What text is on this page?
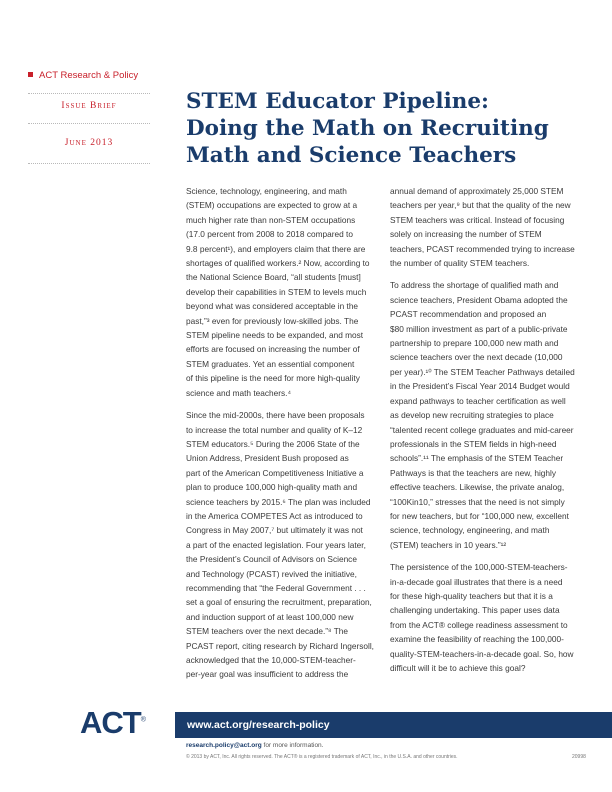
ACT Research & Policy
Issue Brief
June 2013
STEM Educator Pipeline:
Doing the Math on Recruiting
Math and Science Teachers

Science, technology, engineering, and math
(STEM) occupations are expected to grow at a
much higher rate than non-STEM occupations
(17.0 percent from 2008 to 2018 compared to
9.8 percent¹), and employers claim that there are
shortages of qualified workers.² Now, according to
the National Science Board, “all students [must]
develop their capabilities in STEM to levels much
beyond what was considered acceptable in the
past,”³ even for previously low-skilled jobs. The
STEM pipeline needs to be expanded, and most
efforts are focused on increasing the number of
STEM graduates. Yet an essential component
of this pipeline is the need for more high-quality
science and math teachers.⁴

Since the mid-2000s, there have been proposals
to increase the total number and quality of K–12
STEM educators.⁵ During the 2006 State of the
Union Address, President Bush proposed as
part of the American Competitiveness Initiative a
plan to produce 100,000 high-quality math and
science teachers by 2015.⁶ The plan was included
in the America COMPETES Act as introduced to
Congress in May 2007,⁷ but ultimately it was not
a part of the enacted legislation. Four years later,
the President’s Council of Advisors on Science
and Technology (PCAST) revived the initiative,
recommending that “the Federal Government . . .
set a goal of ensuring the recruitment, preparation,
and induction support of at least 100,000 new
STEM teachers over the next decade.”⁸ The
PCAST report, citing research by Richard Ingersoll,
acknowledged that the 10,000-STEM-teacher-
per-year goal was insufficient to address the

annual demand of approximately 25,000 STEM
teachers per year,⁹ but that the quality of the new
STEM teachers was critical. Instead of focusing
solely on increasing the number of STEM
teachers, PCAST recommended trying to increase
the number of quality STEM teachers.

To address the shortage of qualified math and
science teachers, President Obama adopted the
PCAST recommendation and proposed an
$80 million investment as part of a public-private
partnership to prepare 100,000 new math and
science teachers over the next decade (10,000
per year).¹⁰ The STEM Teacher Pathways detailed
in the President’s Fiscal Year 2014 Budget would
expand pathways to teacher certification as well
as develop new recruiting strategies to place
“talented recent college graduates and mid-career
professionals in the STEM fields in high-need
schools”.¹¹ The emphasis of the STEM Teacher
Pathways is that the teachers are new, highly
effective teachers. Likewise, the private analog,
“100Kin10,” stresses that the need is not simply
for new teachers, but for “100,000 new, excellent
science, technology, engineering, and math
(STEM) teachers in 10 years.”¹²

The persistence of the 100,000-STEM-teachers-
in-a-decade goal illustrates that there is a need
for these high-quality teachers but that it is a
challenging undertaking. This paper uses data
from the ACT® college readiness assessment to
examine the feasibility of reaching the 100,000-
quality-STEM-teachers-in-a-decade goal. So, how
difficult will it be to achieve this goal?

ACT®	www.act.org/research-policy
research.policy@act.org for more information.
© 2013 by ACT, Inc. All rights reserved. The ACT® is a registered trademark of ACT, Inc., in the U.S.A. and other countries.	20998
